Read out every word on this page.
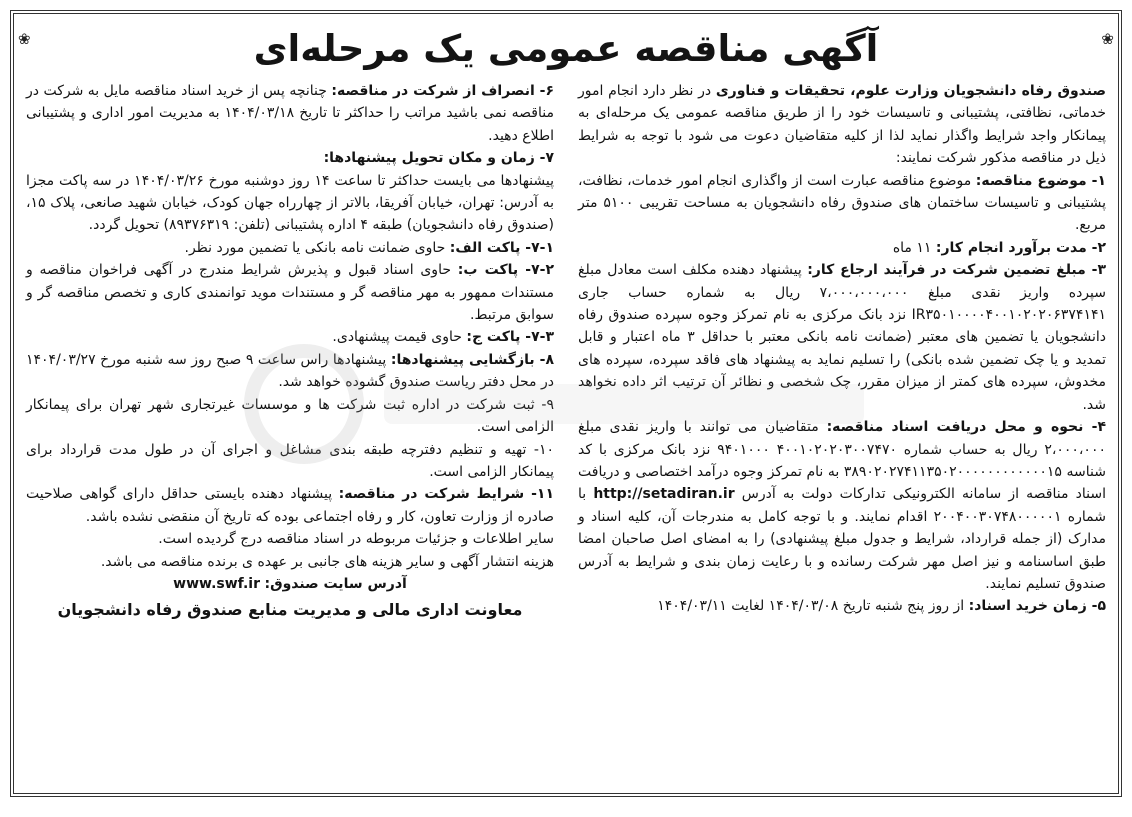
❀	❀
آگهی مناقصه عمومی یک مرحله‌ای

صندوق رفاه دانشجویان وزارت علوم، تحقیقات و فناوری در نظر دارد انجام امور خدماتی، نظافتی، پشتیبانی و تاسیسات خود را از طریق مناقصه عمومی یک مرحله‌ای به پیمانکار واجد شرایط واگذار نماید لذا از کلیه متقاضیان دعوت می شود با توجه به شرایط ذیل در مناقصه مذکور شرکت نمایند:

۱- موضوع مناقصه: موضوع مناقصه عبارت است از واگذاری انجام امور خدمات، نظافت، پشتیبانی و تاسیسات ساختمان های صندوق رفاه دانشجویان به مساحت تقریبی ۵۱۰۰ متر مربع.

۲- مدت برآورد انجام کار: ۱۱ ماه

۳- مبلغ تضمین شرکت در فرآیند ارجاع کار: پیشنهاد دهنده مکلف است معادل مبلغ سپرده واریز نقدی مبلغ ۷،۰۰۰،۰۰۰،۰۰۰ ریال به شماره حساب جاری IR۳۵۰۱۰۰۰۰۴۰۰۱۰۲۰۲۰۶۳۷۴۱۴۱ نزد بانک مرکزی به نام تمرکز وجوه سپرده صندوق رفاه دانشجویان یا تضمین های معتبر (ضمانت نامه بانکی معتبر با حداقل ۳ ماه اعتبار و قابل تمدید و یا چک تضمین شده بانکی) را تسلیم نماید به پیشنهاد های فاقد سپرده، سپرده های مخدوش، سپرده های کمتر از میزان مقرر، چک شخصی و نظائر آن ترتیب اثر داده نخواهد شد.

۴- نحوه و محل دریافت اسناد مناقصه: متقاضیان می توانند با واریز نقدی مبلغ ۲،۰۰۰،۰۰۰ ریال به حساب شماره ۴۰۰۱۰۲۰۲۰۳۰۰۷۴۷۰ ۹۴۰۱۰۰۰ نزد بانک مرکزی با کد شناسه ۳۸۹۰۲۰۲۷۴۱۱۳۵۰۲۰۰۰۰۰۰۰۰۰۰۰۰۱۵ به نام تمرکز وجوه درآمد اختصاصی و دریافت اسناد مناقصه از سامانه الکترونیکی تدارکات دولت به آدرس http://setadiran.ir با شماره ۲۰۰۴۰۰۳۰۷۴۸۰۰۰۰۰۱ اقدام نمایند. و با توجه کامل به مندرجات آن، کلیه اسناد و مدارک (از جمله قرارداد، شرایط و جدول مبلغ پیشنهادی) را به امضای اصل صاحبان امضا طبق اساسنامه و نیز اصل مهر شرکت رسانده و با رعایت زمان بندی و شرایط به آدرس صندوق تسلیم نمایند.

۵- زمان خرید اسناد: از روز پنج شنبه تاریخ ۱۴۰۴/۰۳/۰۸ لغایت ۱۴۰۴/۰۳/۱۱

۶- انصراف از شرکت در مناقصه: چنانچه پس از خرید اسناد مناقصه مایل به شرکت در مناقصه نمی باشید مراتب را حداکثر تا تاریخ ۱۴۰۴/۰۳/۱۸ به مدیریت امور اداری و پشتیبانی اطلاع دهید.

۷- زمان و مکان تحویل پیشنهادها:

پیشنهادها می بایست حداکثر تا ساعت ۱۴ روز دوشنبه مورخ ۱۴۰۴/۰۳/۲۶ در سه پاکت مجزا به آدرس: تهران، خیابان آفریقا، بالاتر از چهارراه جهان کودک، خیابان شهید صانعی، پلاک ۱۵، (صندوق رفاه دانشجویان) طبقه ۴ اداره پشتیبانی (تلفن: ۸۹۳۷۶۳۱۹) تحویل گردد.

۷-۱- پاکت الف: حاوی ضمانت نامه بانکی یا تضمین مورد نظر.

۷-۲- پاکت ب: حاوی اسناد قبول و پذیرش شرایط مندرج در آگهی فراخوان مناقصه و مستندات ممهور به مهر مناقصه گر و مستندات موید توانمندی کاری و تخصص مناقصه گر و سوابق مرتبط.

۷-۳- پاکت ج: حاوی قیمت پیشنهادی.

۸- بازگشایی پیشنهادها: پیشنهادها راس ساعت ۹ صبح روز سه شنبه مورخ ۱۴۰۴/۰۳/۲۷ در محل دفتر ریاست صندوق گشوده خواهد شد.

۹- ثبت شرکت در اداره ثبت شرکت ها و موسسات غیرتجاری شهر تهران برای پیمانکار الزامی است.

۱۰- تهیه و تنظیم دفترچه طبقه بندی مشاغل و اجرای آن در طول مدت قرارداد برای پیمانکار الزامی است.

۱۱- شرایط شرکت در مناقصه: پیشنهاد دهنده بایستی حداقل دارای گواهی صلاحیت صادره از وزارت تعاون، کار و رفاه اجتماعی بوده که تاریخ آن منقضی نشده باشد.

سایر اطلاعات و جزئیات مربوطه در اسناد مناقصه درج گردیده است.

هزینه انتشار آگهی و سایر هزینه های جانبی بر عهده ی برنده مناقصه می باشد.

آدرس سایت صندوق: www.swf.ir

معاونت اداری مالی و مدیریت منابع صندوق رفاه دانشجویان
